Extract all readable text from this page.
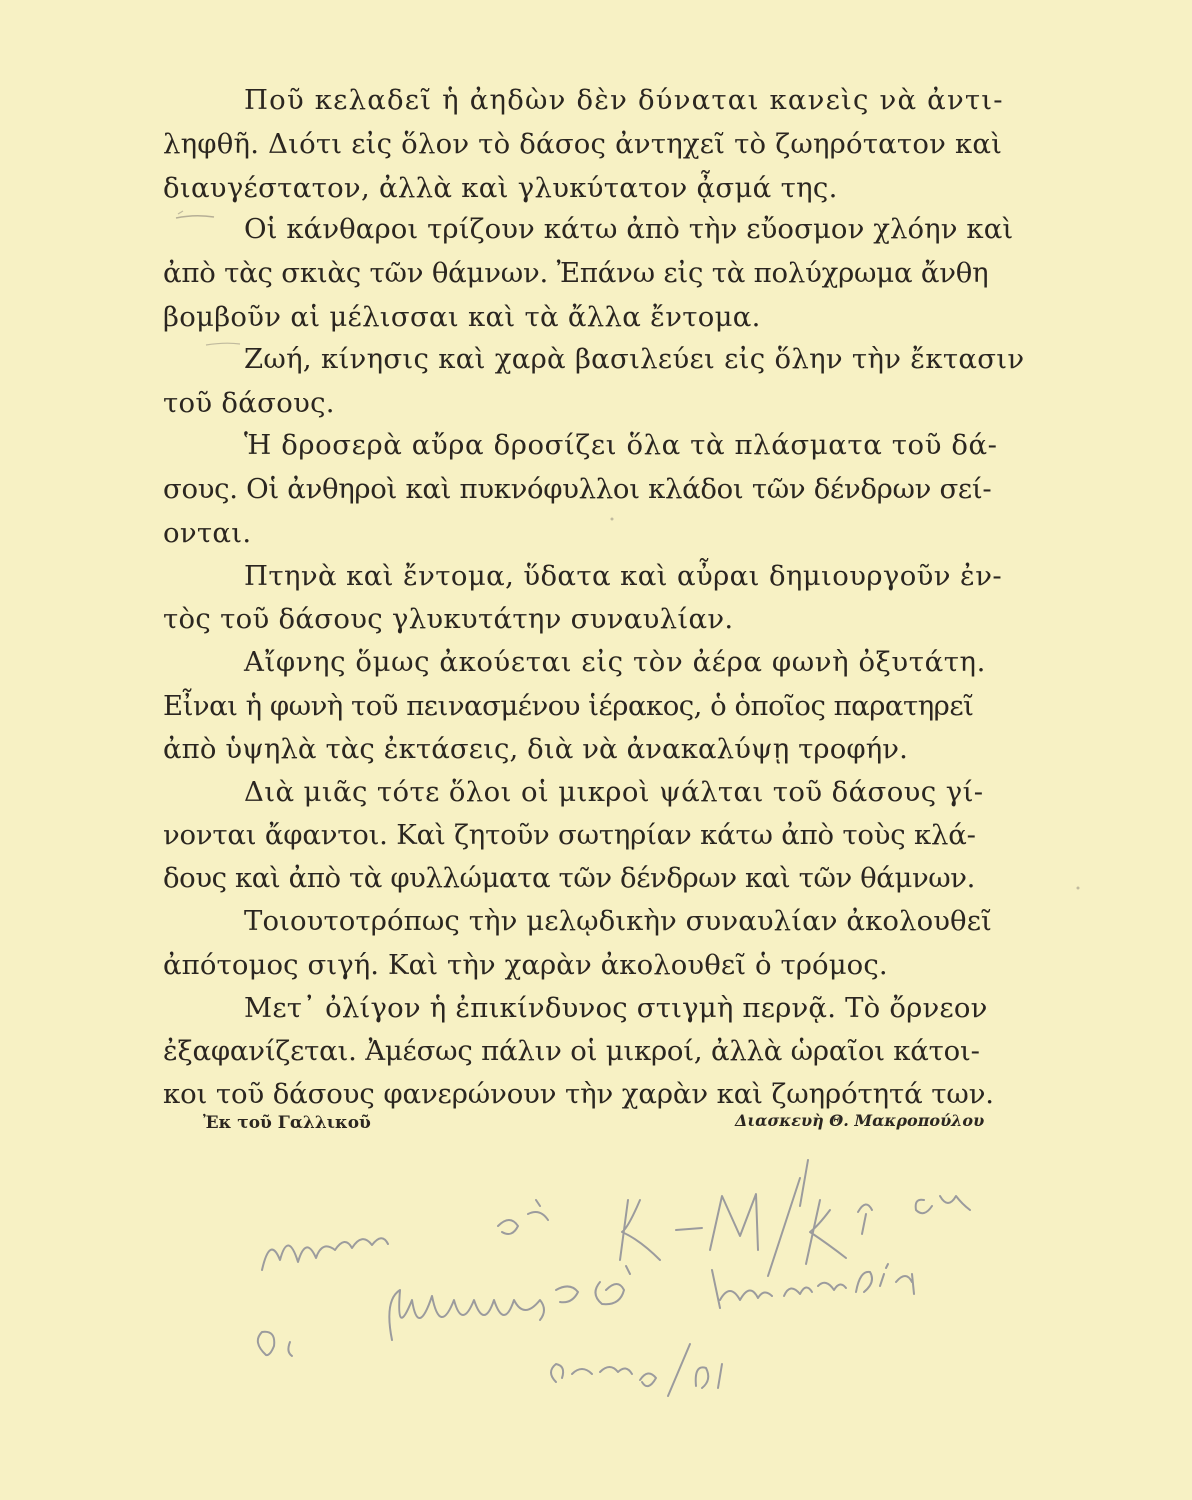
Ποῦ κελαδεῖ ἡ ἀηδὼν δὲν δύναται κανεὶς νὰ ἀντι-
ληφθῆ. Διότι εἰς ὅλον τὸ δάσος ἀντηχεῖ τὸ ζωηρότατον καὶ
διαυγέστατον, ἀλλὰ καὶ γλυκύτατον ᾆσμά της.
Οἱ κάνθαροι τρίζουν κάτω ἀπὸ τὴν εὔοσμον χλόην καὶ
ἀπὸ τὰς σκιὰς τῶν θάμνων. Ἐπάνω εἰς τὰ πολύχρωμα ἄνθη
βομβοῦν αἱ μέλισσαι καὶ τὰ ἄλλα ἔντομα.
Ζωή, κίνησις καὶ χαρὰ βασιλεύει εἰς ὅλην τὴν ἔκτασιν
τοῦ δάσους.
Ἡ δροσερὰ αὔρα δροσίζει ὅλα τὰ πλάσματα τοῦ δά-
σους. Οἱ ἀνθηροὶ καὶ πυκνόφυλλοι κλάδοι τῶν δένδρων σεί-
ονται.
Πτηνὰ καὶ ἔντομα, ὕδατα καὶ αὖραι δημιουργοῦν ἐν-
τὸς τοῦ δάσους γλυκυτάτην συναυλίαν.
Αἴφνης ὅμως ἀκούεται εἰς τὸν ἀέρα φωνὴ ὀξυτάτη.
Εἶναι ἡ φωνὴ τοῦ πεινασμένου ἱέρακος, ὁ ὁποῖος παρατηρεῖ
ἀπὸ ὑψηλὰ τὰς ἐκτάσεις, διὰ νὰ ἀνακαλύψῃ τροφήν.
Διὰ μιᾶς τότε ὅλοι οἱ μικροὶ ψάλται τοῦ δάσους γί-
νονται ἄφαντοι. Καὶ ζητοῦν σωτηρίαν κάτω ἀπὸ τοὺς κλά-
δους καὶ ἀπὸ τὰ φυλλώματα τῶν δένδρων καὶ τῶν θάμνων.
Τοιουτοτρόπως τὴν μελῳδικὴν συναυλίαν ἀκολουθεῖ
ἀπότομος σιγή. Καὶ τὴν χαρὰν ἀκολουθεῖ ὁ τρόμος.
Μετ᾿ ὀλίγον ἡ ἐπικίνδυνος στιγμὴ περνᾷ. Τὸ ὄρνεον
ἐξαφανίζεται. Ἀμέσως πάλιν οἱ μικροί, ἀλλὰ ὡραῖοι κάτοι-
κοι τοῦ δάσους φανερώνουν τὴν χαρὰν καὶ ζωηρότητά των.
Ἐκ τοῦ Γαλλικοῦ	Διασκευὴ Θ. Μακροπούλου
